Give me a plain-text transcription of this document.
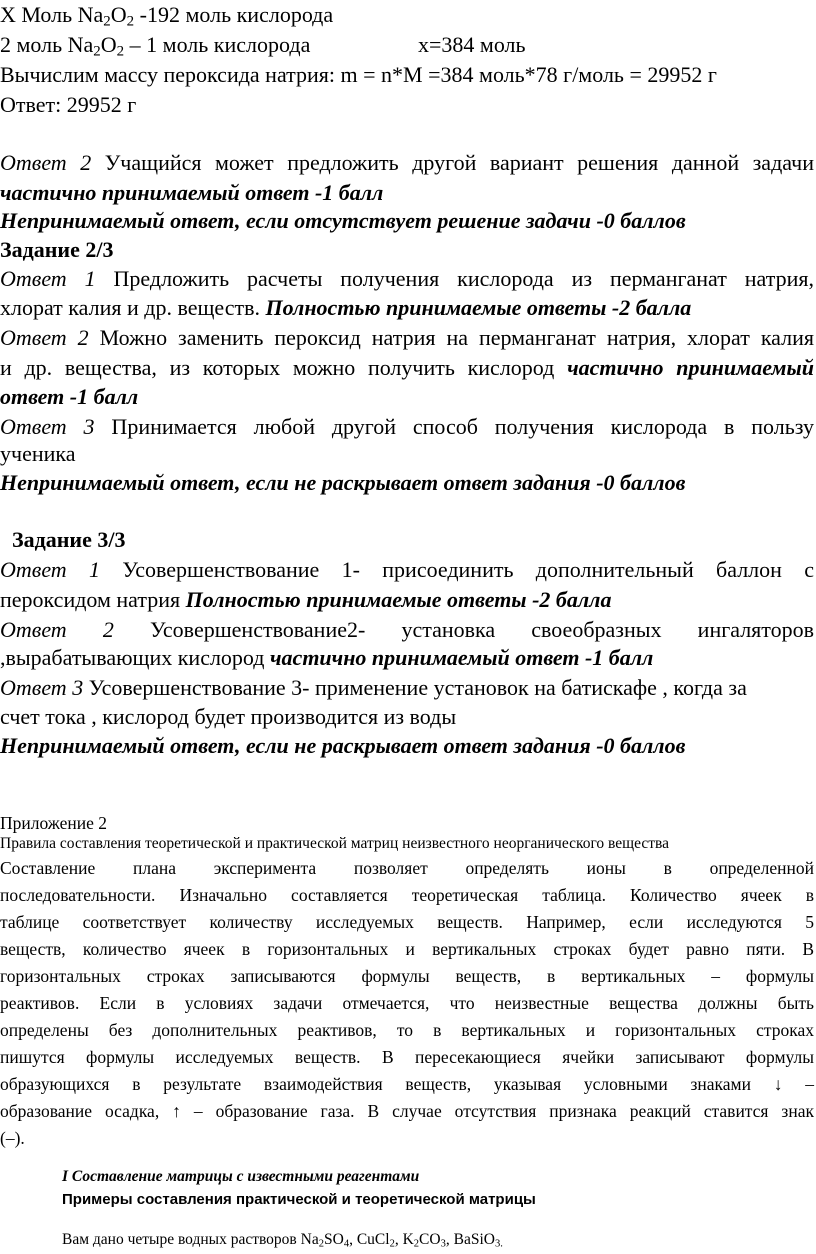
Х Моль $Na_2O_2$ -192 моль кислорода
2 моль $Na_2O_2 - 1$ моль кислорода	х=384 моль
Вычислим массу пероксида натрия: m = n*M =384 моль*78 г/моль = 29952 г
Ответ: 29952 г
Ответ 2 Учащийся может предложить другой вариант решения данной задачи
частично принимаемый ответ -1 балл
Непринимаемый ответ, если отсутствует решение задачи -0 баллов
Задание 2/3
Ответ 1 Предложить расчеты получения кислорода из перманганат натрия,
хлорат калия и др. веществ. Полностью принимаемые ответы -2 балла
Ответ 2 Можно заменить пероксид натрия на перманганат натрия, хлорат калия
и др. вещества, из которых можно получить кислород частично принимаемый
ответ -1 балл
Ответ 3 Принимается любой другой способ получения кислорода в пользу
ученика
Непринимаемый ответ, если не раскрывает ответ задания -0 баллов
Задание 3/3
Ответ 1 Усовершенствование 1- присоединить дополнительный баллон с
пероксидом натрия Полностью принимаемые ответы -2 балла
Ответ 2 Усовершенствование2- установка своеобразных ингаляторов
,вырабатывающих кислород частично принимаемый ответ -1 балл
Ответ 3 Усовершенствование 3- применение установок на батискафе , когда за
счет тока , кислород будет производится из воды
Непринимаемый ответ, если не раскрывает ответ задания -0 баллов
Приложение 2
Правила составления теоретической и практической матриц неизвестного неорганического вещества
Составление плана эксперимента позволяет определять ионы в определенной
последовательности. Изначально составляется теоретическая таблица. Количество ячеек в
таблице соответствует количеству исследуемых веществ. Например, если исследуются 5
веществ, количество ячеек в горизонтальных и вертикальных строках будет равно пяти. В
горизонтальных строках записываются формулы веществ, в вертикальных – формулы
реактивов. Если в условиях задачи отмечается, что неизвестные вещества должны быть
определены без дополнительных реактивов, то в вертикальных и горизонтальных строках
пишутся формулы исследуемых веществ. В пересекающиеся ячейки записывают формулы
образующихся в результате взаимодействия веществ, указывая условными знаками ↓ –
образование осадка, ↑ – образование газа. В случае отсутствия признака реакций ставится знак
(–).
I Составление матрицы с известными реагентами
Примеры составления практической и теоретической матрицы
Вам дано четыре водных растворов $Na_2SO_4$, CuCl$_2$, $K_2CO_3$, BaSiO$_{3.}$
